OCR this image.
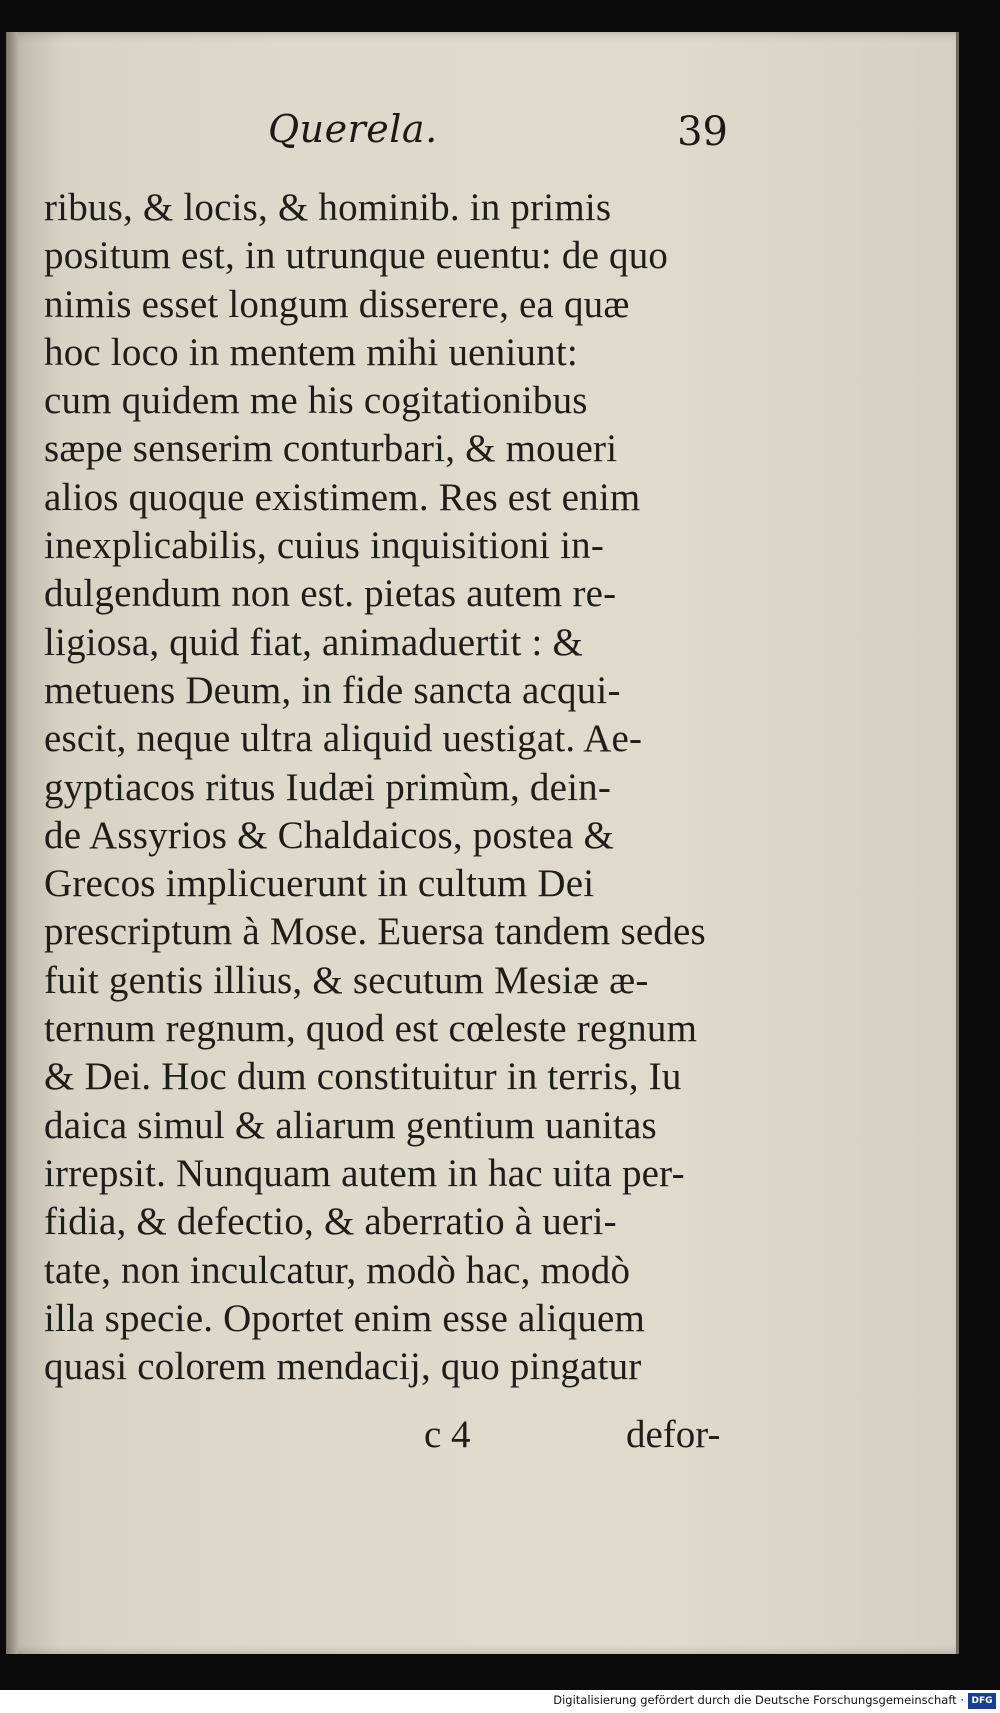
Querela.	39
ribus, & locis, & hominib. in primis
positum est, in utrunque euentu: de quo
nimis esset longum disserere, ea quæ
hoc loco in mentem mihi ueniunt:
cum quidem me his cogitationibus
sæpe senserim conturbari, & moueri
alios quoque existimem. Res est enim
inexplicabilis, cuius inquisitioni in-
dulgendum non est. pietas autem re-
ligiosa, quid fiat, animaduertit : &
metuens Deum, in fide sancta acqui-
escit, neque ultra aliquid uestigat. Ae-
gyptiacos ritus Iudæi primùm, dein-
de Assyrios & Chaldaicos, postea &
Grecos implicuerunt in cultum Dei
prescriptum à Mose. Euersa tandem sedes
fuit gentis illius, & secutum Mesiæ æ-
ternum regnum, quod est cœleste regnum
& Dei. Hoc dum constituitur in terris, Iu
daica simul & aliarum gentium uanitas
irrepsit. Nunquam autem in hac uita per-
fidia, & defectio, & aberratio à ueri-
tate, non inculcatur, modò hac, modò
illa specie. Oportet enim esse aliquem
quasi colorem mendacij, quo pingatur
c 4	defor-
Digitalisierung gefördert durch die Deutsche Forschungsgemeinschaft · DFG
